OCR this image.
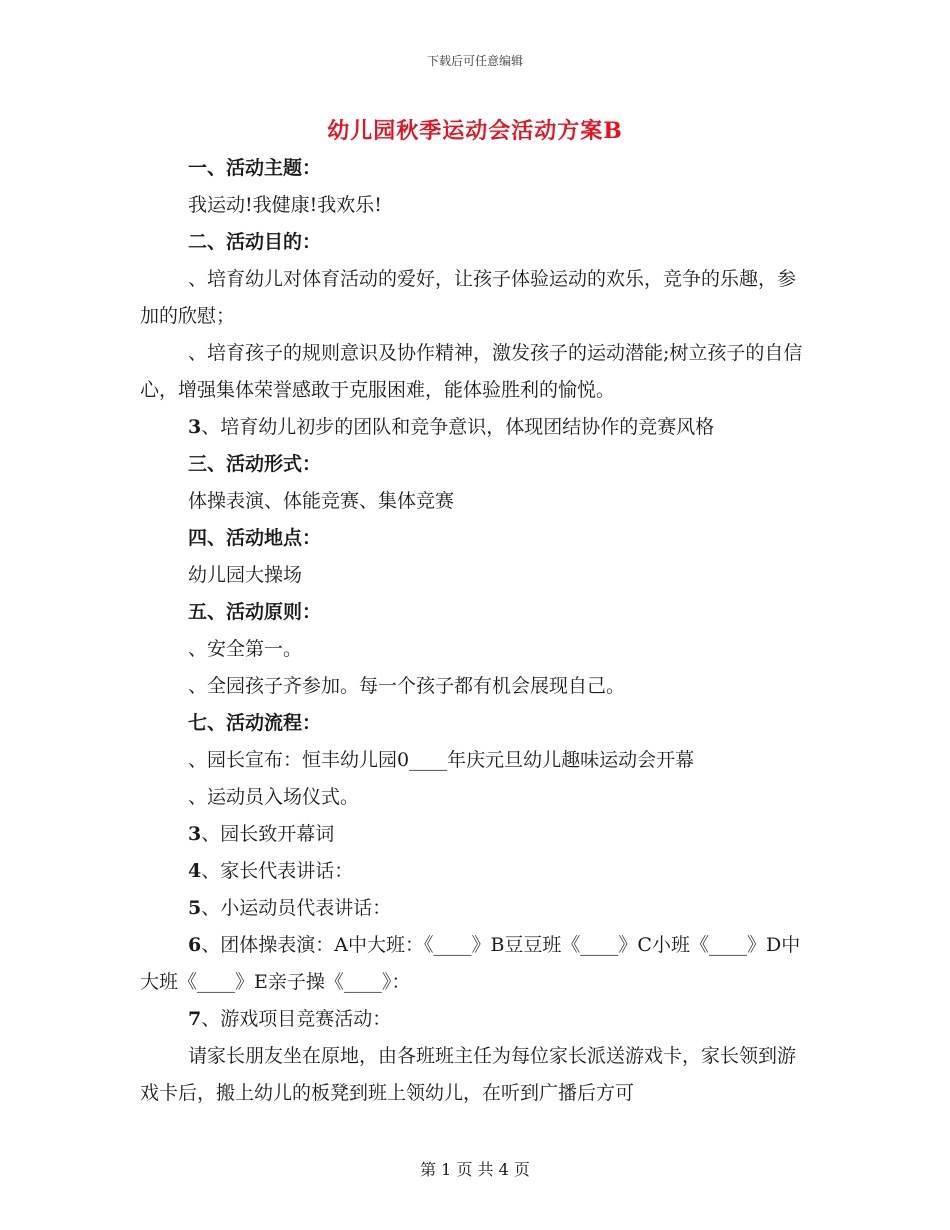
下载后可任意编辑
幼儿园秋季运动会活动方案B

一、活动主题：

我运动!我健康!我欢乐!

二、活动目的：

、培育幼儿对体育活动的爱好，让孩子体验运动的欢乐，竞争的乐趣，参加的欣慰；

、培育孩子的规则意识及协作精神，激发孩子的运动潜能;树立孩子的自信心，增强集体荣誉感敢于克服困难，能体验胜利的愉悦。

3、培育幼儿初步的团队和竞争意识，体现团结协作的竞赛风格

三、活动形式：

体操表演、体能竞赛、集体竞赛

四、活动地点：

幼儿园大操场

五、活动原则：

、安全第一。

、全园孩子齐参加。每一个孩子都有机会展现自己。

七、活动流程：

、园长宣布：恒丰幼儿园0____年庆元旦幼儿趣味运动会开幕

、运动员入场仪式。

3、园长致开幕词

4、家长代表讲话：

5、小运动员代表讲话：

6、团体操表演：A中大班：《____》B豆豆班《____》C小班《____》D中大班《____》E亲子操《____》：

7、游戏项目竞赛活动：

请家长朋友坐在原地，由各班班主任为每位家长派送游戏卡，家长领到游戏卡后，搬上幼儿的板凳到班上领幼儿，在听到广播后方可

第 1 页 共 4 页
